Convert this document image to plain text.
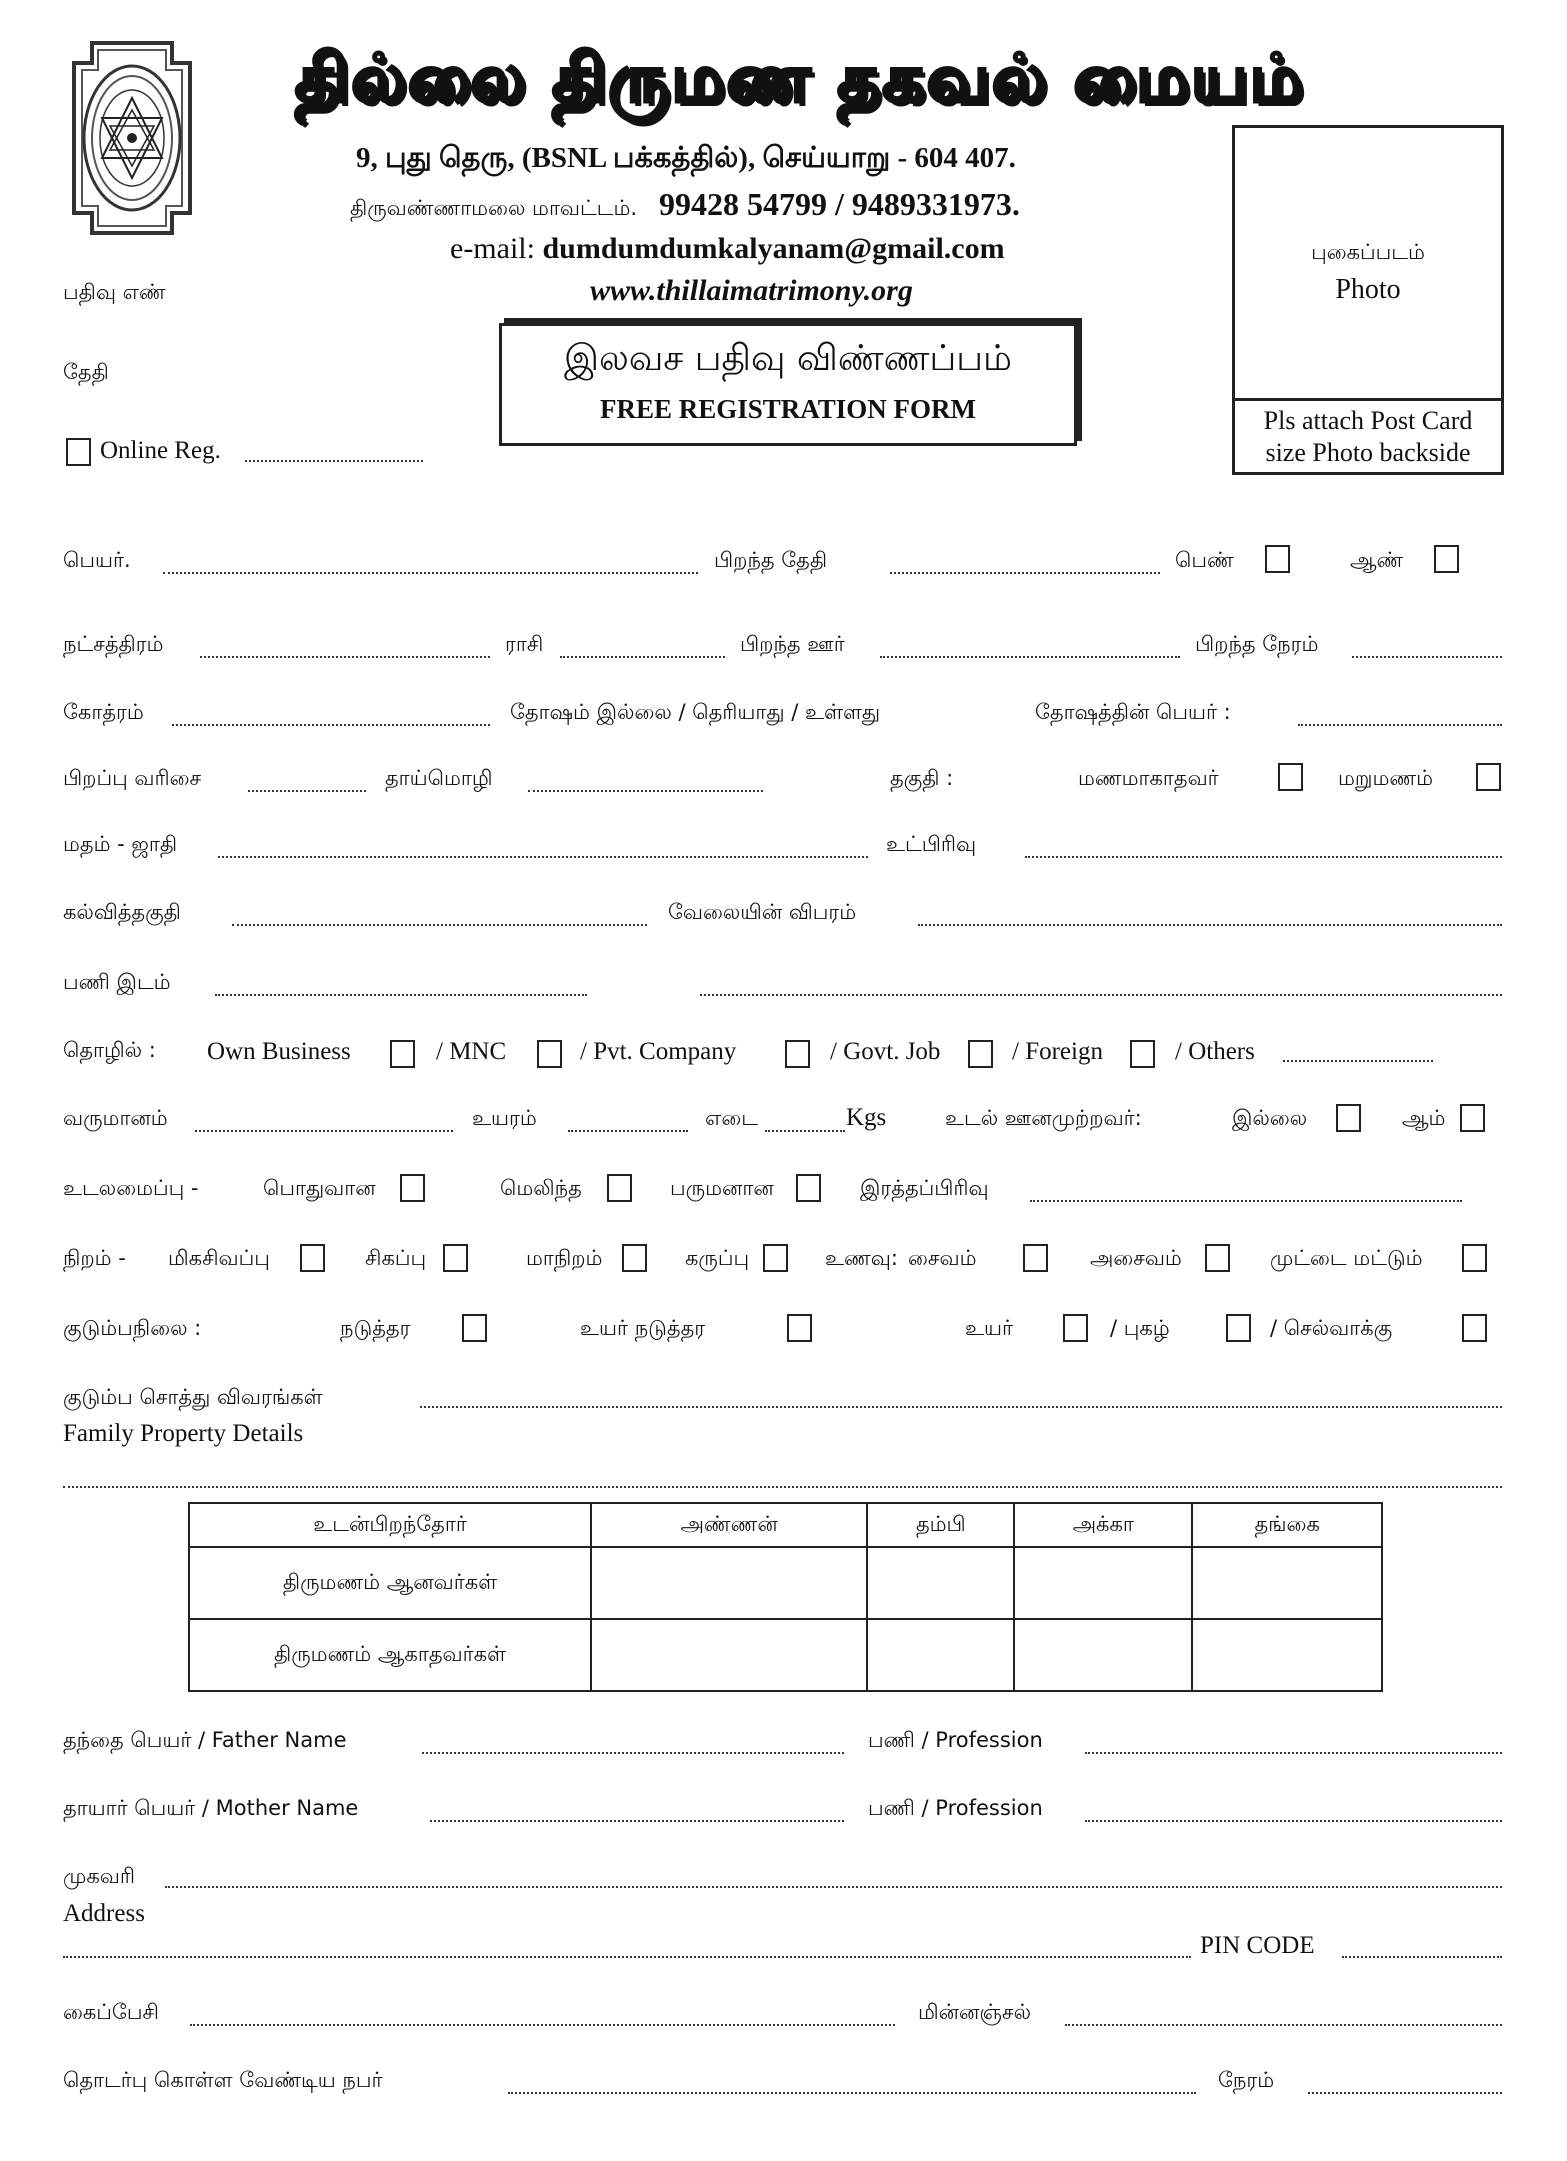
தில்லை திருமண தகவல் மையம்
9, புது தெரு, (BSNL பக்கத்தில்), செய்யாறு - 604 407.
திருவண்ணாமலை மாவட்டம். 99428 54799 / 9489331973.
e-mail: dumdumdumkalyanam@gmail.com
www.thillaimatrimony.org
புகைப்படம்
Photo
Pls attach Post Card
size Photo backside
இலவச பதிவு விண்ணப்பம்
FREE REGISTRATION FORM
பதிவு எண்
தேதி
Online Reg.
பெயர்.	பிறந்த தேதி	பெண்	ஆண்
நட்சத்திரம்	ராசி	பிறந்த ஊர்	பிறந்த நேரம்
கோத்ரம்	தோஷம் இல்லை / தெரியாது / உள்ளது	தோஷத்தின் பெயர் :
பிறப்பு வரிசை	தாய்மொழி	தகுதி :	மணமாகாதவர்	மறுமணம்
மதம் - ஜாதி	உட்பிரிவு
கல்வித்தகுதி	வேலையின் விபரம்
பணி இடம்
தொழில் : Own Business	/ MNC	/ Pvt. Company	/ Govt. Job	/ Foreign	/ Others
வருமானம்	உயரம்	எடை	Kgs	உடல் ஊனமுற்றவர்:	இல்லை	ஆம்
உடலமைப்பு -	பொதுவான	மெலிந்த	பருமனான	இரத்தப்பிரிவு
நிறம் - மிகசிவப்பு	சிகப்பு	மாநிறம்	கருப்பு	உணவு: சைவம்	அசைவம்	முட்டை மட்டும்
குடும்பநிலை :	நடுத்தர	உயர் நடுத்தர	உயர்	/ புகழ்	/ செல்வாக்கு
குடும்ப சொத்து விவரங்கள்
Family Property Details
உடன்பிறந்தோர்	அண்ணன்	தம்பி	அக்கா	தங்கை
திருமணம் ஆனவர்கள்				
திருமணம் ஆகாதவர்கள்				
தந்தை பெயர் / Father Name	பணி / Profession
தாயார் பெயர் / Mother Name	பணி / Profession
முகவரி
Address
PIN CODE
கைப்பேசி	மின்னஞ்சல்
தொடர்பு கொள்ள வேண்டிய நபர்	நேரம்
